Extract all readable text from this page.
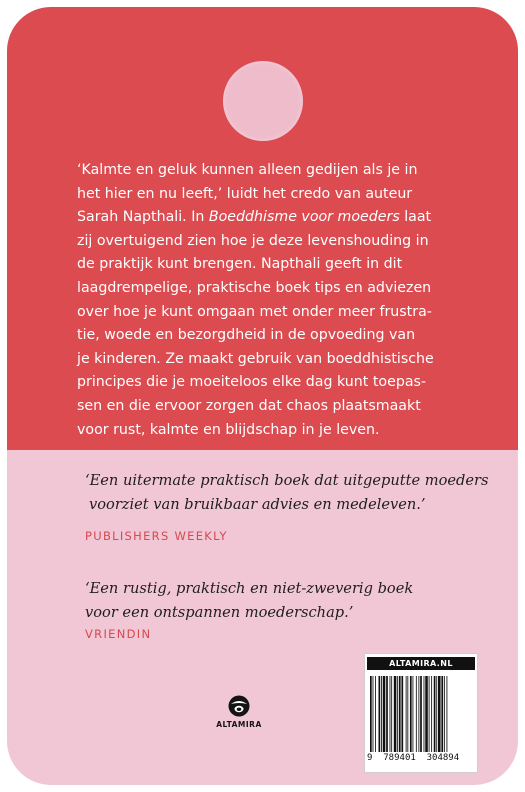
‘Kalmte en geluk kunnen alleen gedijen als je in
het hier en nu leeft,’ luidt het credo van auteur
Sarah Napthali. In Boeddhisme voor moeders laat
zij overtuigend zien hoe je deze levenshouding in
de praktijk kunt brengen. Napthali geeft in dit
laagdrempelige, praktische boek tips en adviezen
over hoe je kunt omgaan met onder meer frustra-
tie, woede en bezorgdheid in de opvoeding van
je kinderen. Ze maakt gebruik van boeddhistische
principes die je moeiteloos elke dag kunt toepas-
sen en die ervoor zorgen dat chaos plaatsmaakt
voor rust, kalmte en blijdschap in je leven.

‘Een uitermate praktisch boek dat uitgeputte moeders
voorziet van bruikbaar advies en medeleven.’

PUBLISHERS WEEKLY

‘Een rustig, praktisch en niet-zweverig boek
voor een ontspannen moederschap.’

VRIENDIN

ALTAMIRA
ALTAMIRA.NL
9 789401 304894
